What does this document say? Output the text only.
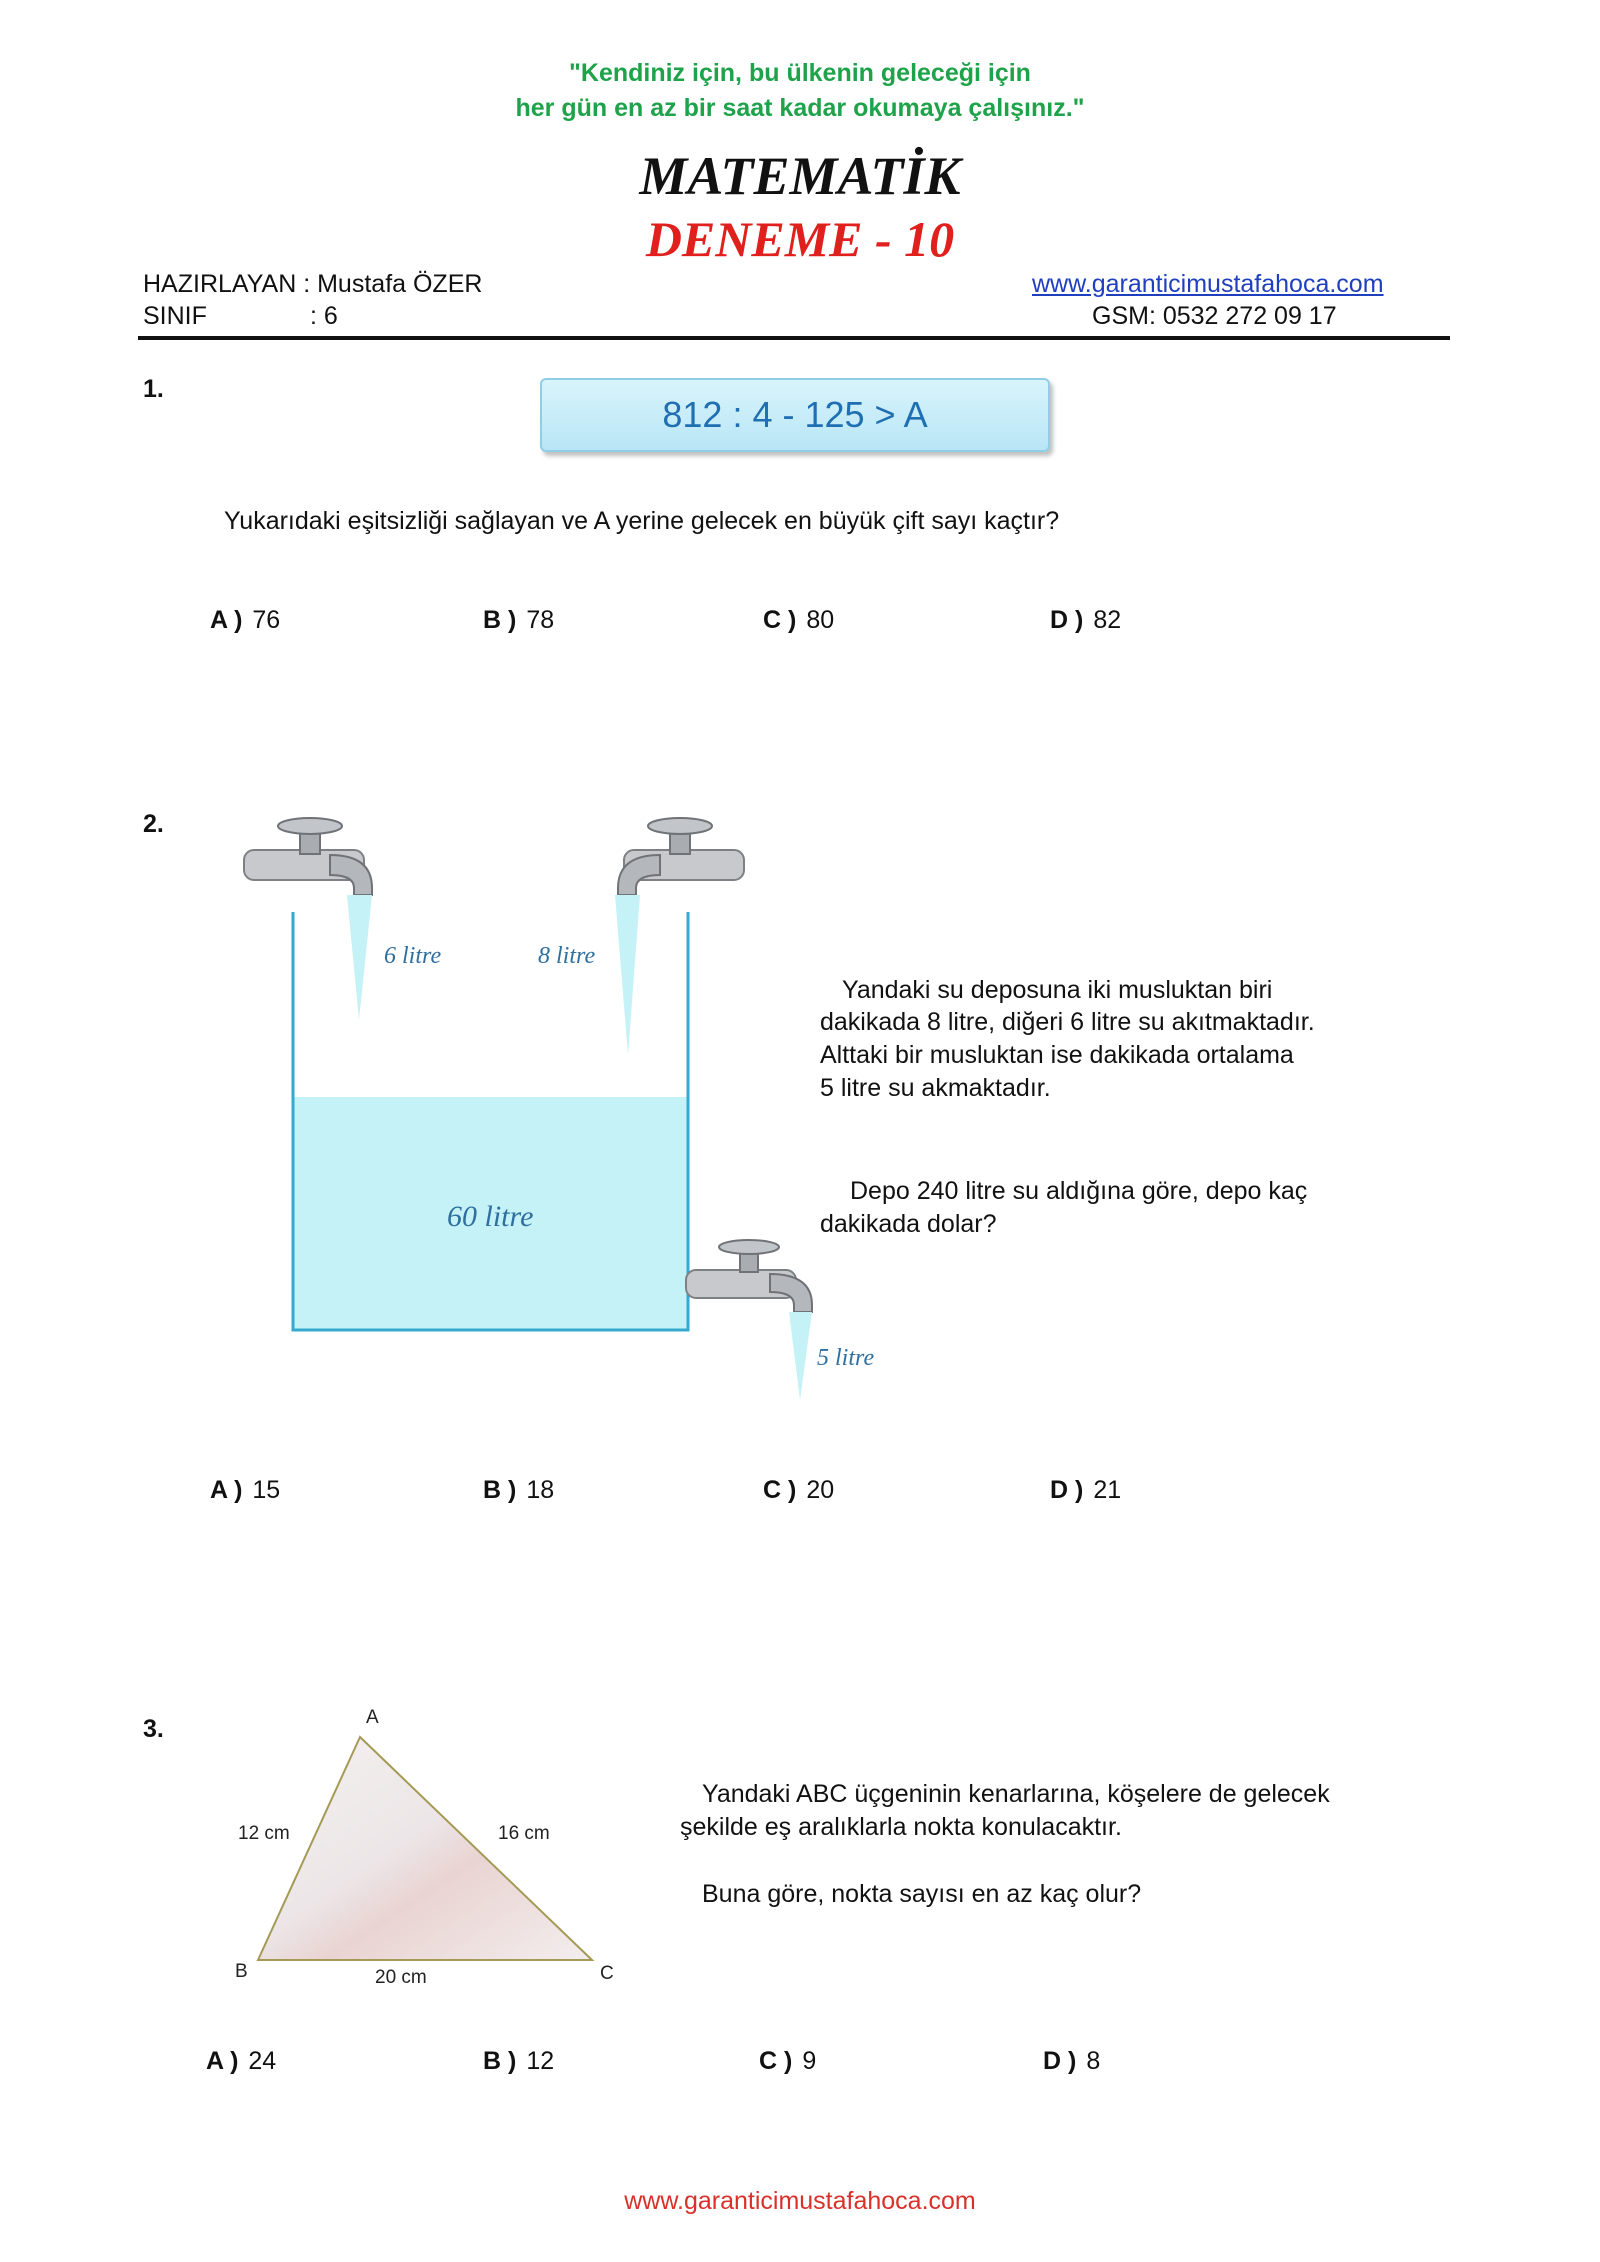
"Kendiniz için, bu ülkenin geleceği için
her gün en az bir saat kadar okumaya çalışınız."
MATEMATİK
DENEME - 10
HAZIRLAYAN : Mustafa ÖZER
SINIF	: 6
www.garanticimustafahoca.com
GSM: 0532 272 09 17
1.
812 : 4 - 125 > A
Yukarıdaki eşitsizliği sağlayan ve A yerine gelecek en büyük çift sayı kaçtır?
A ) 76	B ) 78	C ) 80	D ) 82
2.
6 litre	8 litre
60 litre
5 litre
Yandaki su deposuna iki musluktan biri
dakikada 8 litre, diğeri 6 litre su akıtmaktadır.
Alttaki bir musluktan ise dakikada ortalama
5 litre su akmaktadır.
Depo 240 litre su aldığına göre, depo kaç
dakikada dolar?
A ) 15	B ) 18	C ) 20	D ) 21
3.	A
B	C
12 cm	16 cm
20 cm
Yandaki ABC üçgeninin kenarlarına, köşelere de gelecek
şekilde eş aralıklarla nokta konulacaktır.
Buna göre, nokta sayısı en az kaç olur?
A ) 24	B ) 12	C ) 9	D ) 8
www.garanticimustafahoca.com
